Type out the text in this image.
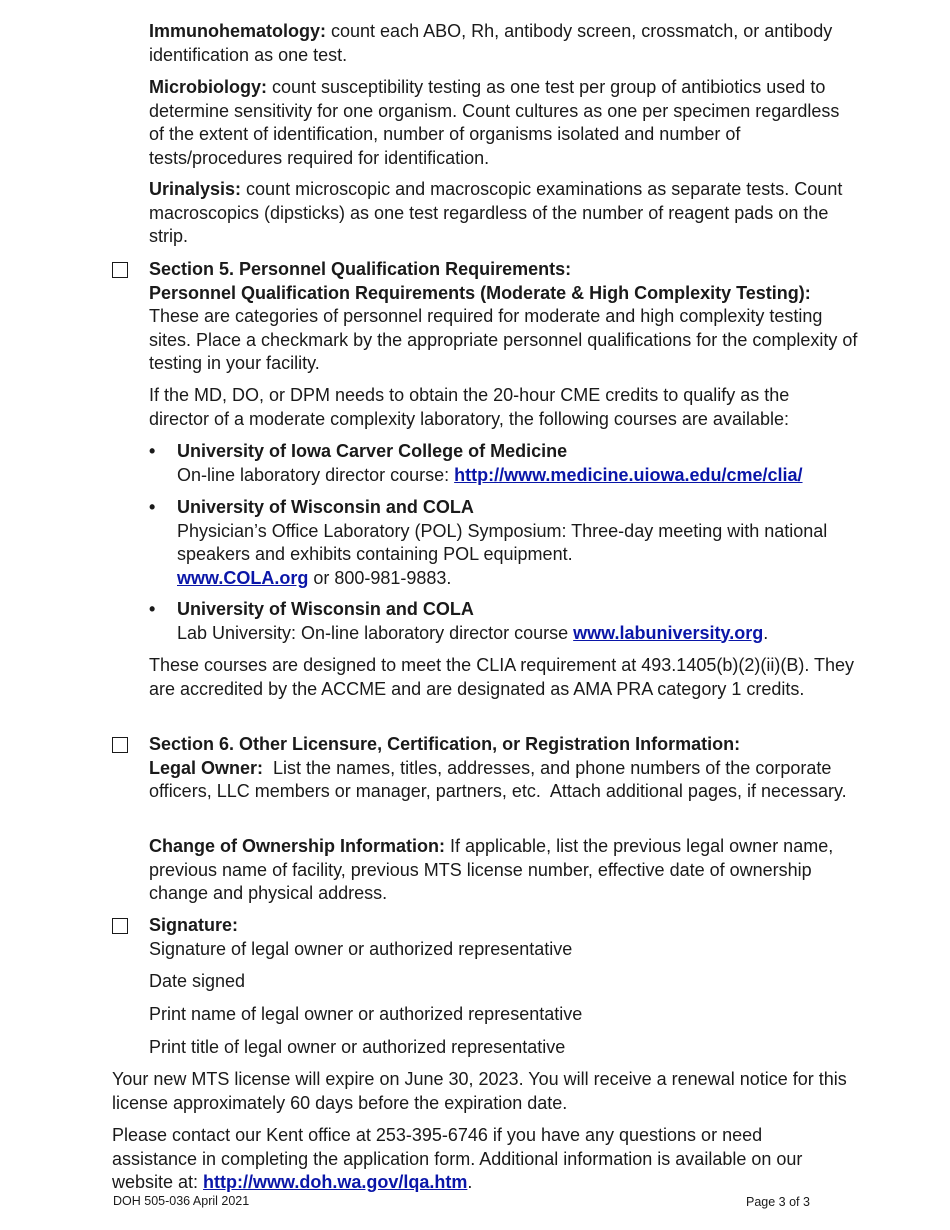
Immunohematology: count each ABO, Rh, antibody screen, crossmatch, or antibody identification as one test.

Microbiology: count susceptibility testing as one test per group of antibiotics used to determine sensitivity for one organism. Count cultures as one per specimen regardless of the extent of identification, number of organisms isolated and number of tests/procedures required for identification.

Urinalysis: count microscopic and macroscopic examinations as separate tests. Count macroscopics (dipsticks) as one test regardless of the number of reagent pads on the strip.

Section 5. Personnel Qualification Requirements:

Personnel Qualification Requirements (Moderate & High Complexity Testing):

These are categories of personnel required for moderate and high complexity testing sites. Place a checkmark by the appropriate personnel qualifications for the complexity of testing in your facility.

If the MD, DO, or DPM needs to obtain the 20-hour CME credits to qualify as the director of a moderate complexity laboratory, the following courses are available:
• University of Iowa Carver College of Medicine

On-line laboratory director course: http://www.medicine.uiowa.edu/cme/clia/

• University of Wisconsin and COLA

Physician’s Office Laboratory (POL) Symposium: Three-day meeting with national speakers and exhibits containing POL equipment.

www.COLA.org or 800-981-9883.

• University of Wisconsin and COLA

Lab University: On-line laboratory director course www.labuniversity.org.

These courses are designed to meet the CLIA requirement at 493.1405(b)(2)(ii)(B). They are accredited by the ACCME and are designated as AMA PRA category 1 credits.

Section 6. Other Licensure, Certification, or Registration Information:

Legal Owner:  List the names, titles, addresses, and phone numbers of the corporate officers, LLC members or manager, partners, etc.  Attach additional pages, if necessary.

Change of Ownership Information: If applicable, list the previous legal owner name, previous name of facility, previous MTS license number, effective date of ownership change and physical address.

Signature:

Signature of legal owner or authorized representative

Date signed
Print name of legal owner or authorized representative
Print title of legal owner or authorized representative
Your new MTS license will expire on June 30, 2023. You will receive a renewal notice for this license approximately 60 days before the expiration date.
Please contact our Kent office at 253-395-6746 if you have any questions or need assistance in completing the application form. Additional information is available on our website at: http://www.doh.wa.gov/lqa.htm.
DOH 505-036 April 2021	Page 3 of 3
